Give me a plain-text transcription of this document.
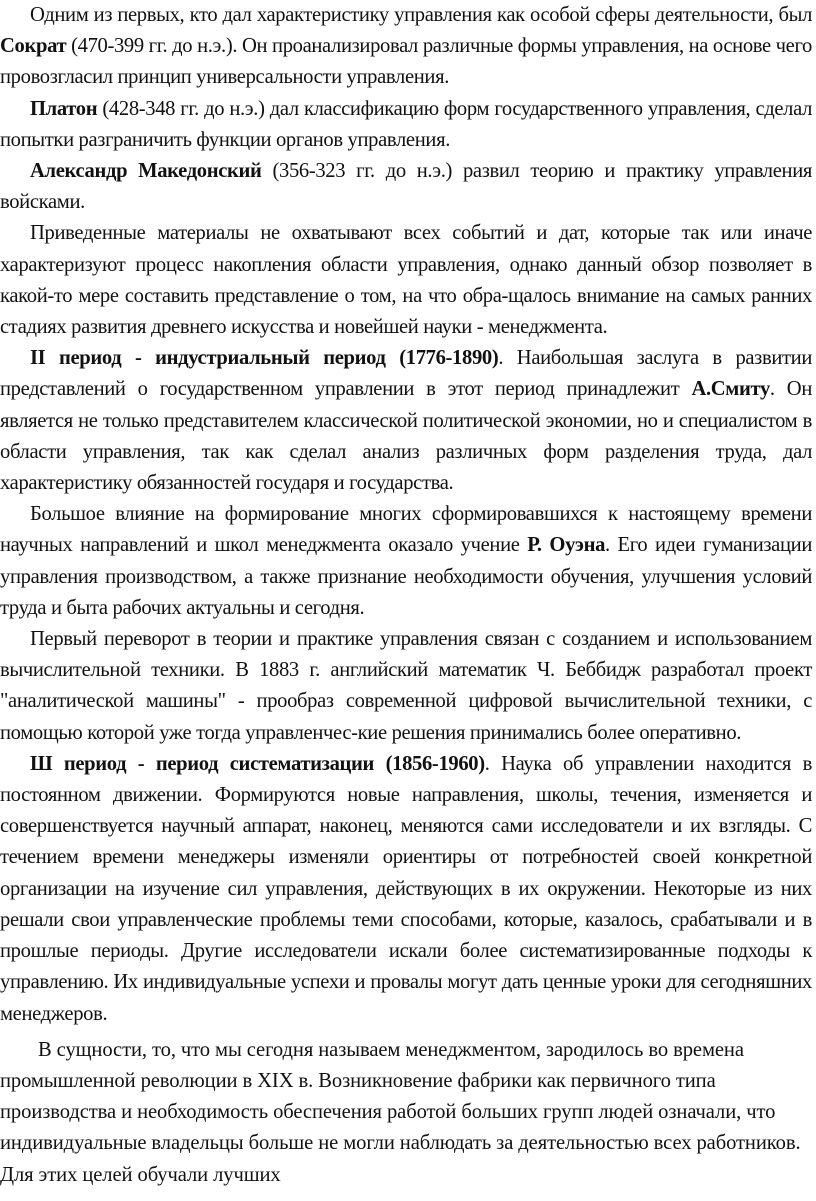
Одним из первых, кто дал характеристику управления как особой сферы деятельности, был Сократ (470-399 гг. до н.э.). Он проанализировал различные формы управления, на основе чего провозгласил принцип универсальности управления.

Платон (428-348 гг. до н.э.) дал классификацию форм государственного управления, сделал попытки разграничить функции органов управления.

Александр Македонский (356-323 гг. до н.э.) развил теорию и практику управления войсками.

Приведенные материалы не охватывают всех событий и дат, которые так или иначе характеризуют процесс накопления области управления, однако данный обзор позволяет в какой-то мере составить представление о том, на что обра-щалось внимание на самых ранних стадиях развития древнего искусства и новейшей науки - менеджмента.

II период - индустриальный период (1776-1890). Наибольшая заслуга в развитии представлений о государственном управлении в этот период принадлежит А.Смиту. Он является не только представителем классической политической экономии, но и специалистом в области управления, так как сделал анализ различных форм разделения труда, дал характеристику обязанностей государя и государства.

Большое влияние на формирование многих сформировавшихся к настоящему времени научных направлений и школ менеджмента оказало учение Р. Оуэна. Его идеи гуманизации управления производством, а также признание необходимости обучения, улучшения условий труда и быта рабочих актуальны и сегодня.

Первый переворот в теории и практике управления связан с созданием и использованием вычислительной техники. В 1883 г. английский математик Ч. Беббидж разработал проект "аналитической машины" - прообраз современной цифровой вычислительной техники, с помощью которой уже тогда управленчес-кие решения принимались более оперативно.

Ш период - период систематизации (1856-1960). Наука об управлении находится в постоянном движении. Формируются новые направления, школы, течения, изменяется и совершенствуется научный аппарат, наконец, меняются сами исследователи и их взгляды. С течением времени менеджеры изменяли ориентиры от потребностей своей конкретной организации на изучение сил управления, действующих в их окружении. Некоторые из них решали свои управленческие проблемы теми способами, которые, казалось, срабатывали и в прошлые периоды. Другие исследователи искали более систематизированные подходы к управлению. Их индивидуальные успехи и провалы могут дать ценные уроки для сегодняшних менеджеров.

В сущности, то, что мы сегодня называем менеджментом, зародилось во времена промышленной революции в XIX в. Возникновение фабрики как первичного типа производства и необходимость обеспечения работой больших групп людей означали, что индивидуальные владельцы больше не могли наблюдать за деятельностью всех работников. Для этих целей обучали лучших
